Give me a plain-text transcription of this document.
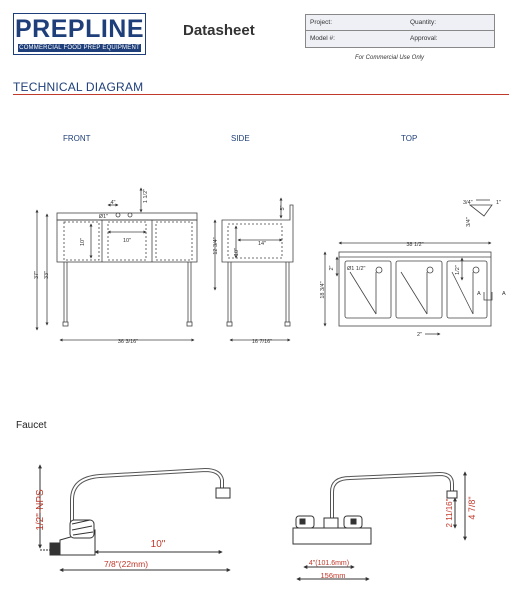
PREPLINE
COMMERCIAL FOOD PREP EQUIPMENT
Datasheet	Project:	Quantity:
Model #:	Approval:
For Commercial Use Only
TECHNICAL DIAGRAM
FRONT	SIDE	TOP
36 3/16"
33"
37"
10"	10"
4"
Ø1"
1 1/2"
16 7/16"
12 3/4"	10"
14"
5"
38 1/2"
18 3/4"
Ø1 1/2"
2"	1/2"
2"
A	A
3/4"	1"
3/4"
1/2"-NPS
10"
7/8"(22mm)
4 7/8"
2 11/16"
4"(101.6mm)
156mm
Faucet
